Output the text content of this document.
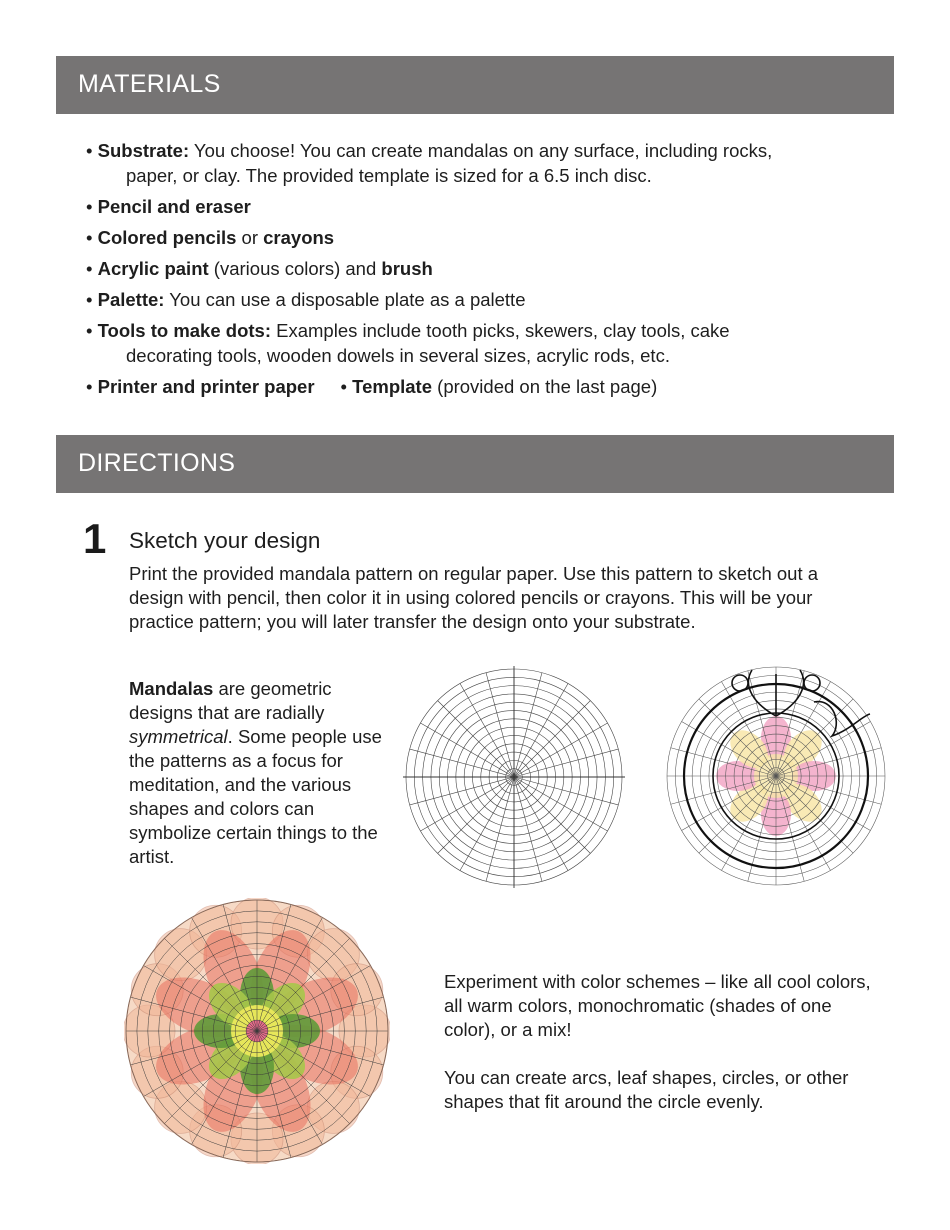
MATERIALS
• Substrate: You choose! You can create mandalas on any surface, including rocks,
paper, or clay. The provided template is sized for a 6.5 inch disc.
• Pencil and eraser
• Colored pencils or crayons
• Acrylic paint (various colors) and brush
• Palette: You can use a disposable plate as a palette
• Tools to make dots: Examples include tooth picks, skewers, clay tools, cake
decorating tools, wooden dowels in several sizes, acrylic rods, etc.
• Printer and printer paper • Template (provided on the last page)
DIRECTIONS
1 Sketch your design

Print the provided mandala pattern on regular paper. Use this pattern to sketch out a design with pencil, then color it in using colored pencils or crayons. This will be your practice pattern; you will later transfer the design onto your substrate.

Mandalas are geometric designs that are radially symmetrical. Some people use the patterns as a focus for meditation, and the various shapes and colors can symbolize certain things to the artist.

Experiment with color schemes – like all cool colors, all warm colors, monochromatic (shades of one color), or a mix!

You can create arcs, leaf shapes, circles, or other shapes that fit around the circle evenly.
